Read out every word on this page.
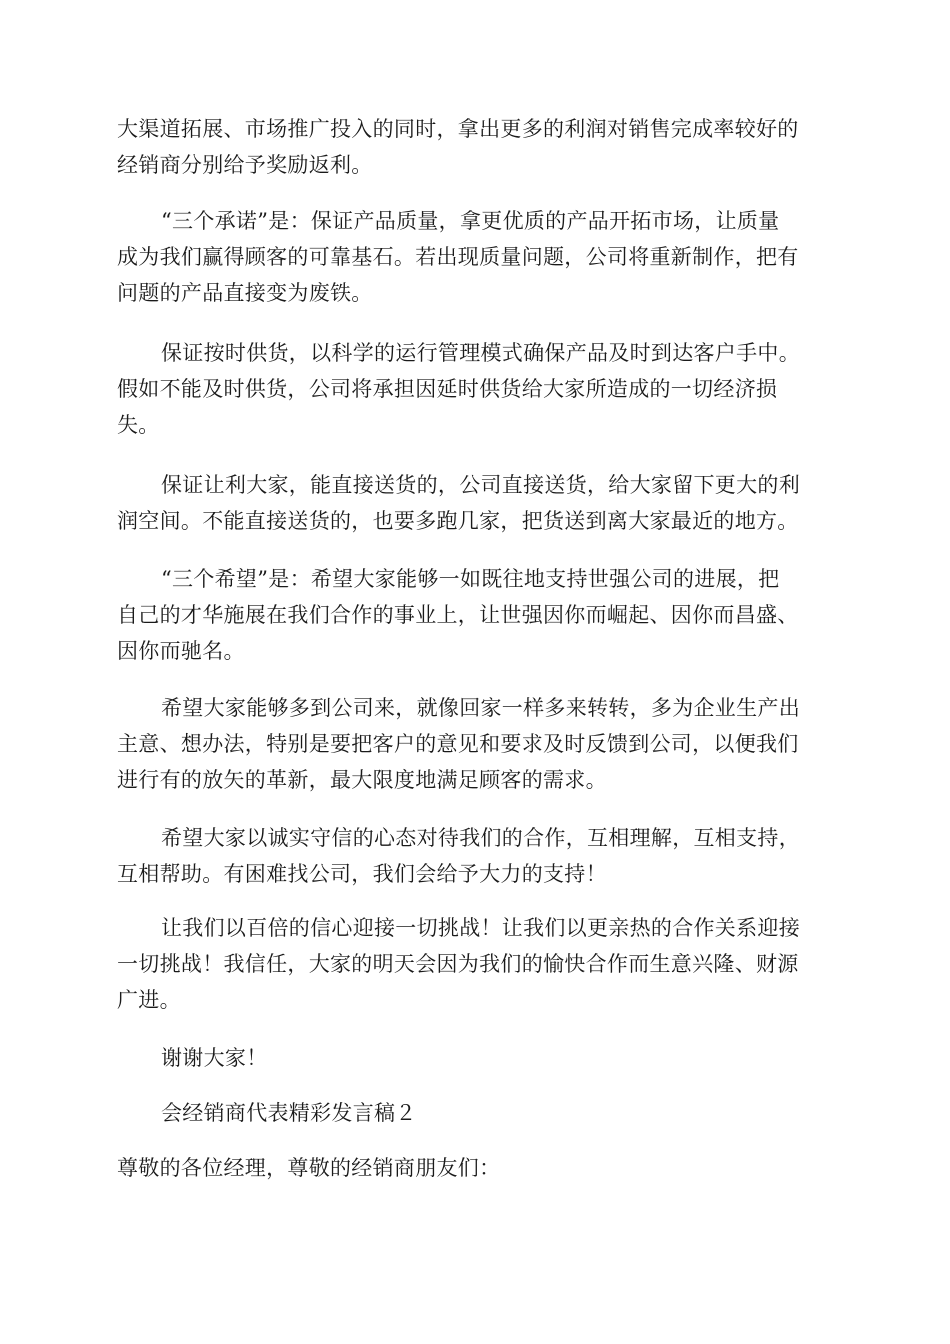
大渠道拓展、市场推广投入的同时，拿出更多的利润对销售完成率较好的
经销商分别给予奖励返利。
“三个承诺”是：保证产品质量，拿更优质的产品开拓市场，让质量
成为我们赢得顾客的可靠基石。若出现质量问题，公司将重新制作，把有
问题的产品直接变为废铁。
保证按时供货，以科学的运行管理模式确保产品及时到达客户手中。
假如不能及时供货，公司将承担因延时供货给大家所造成的一切经济损
失。
保证让利大家，能直接送货的，公司直接送货，给大家留下更大的利
润空间。不能直接送货的，也要多跑几家，把货送到离大家最近的地方。
“三个希望”是：希望大家能够一如既往地支持世强公司的进展，把
自己的才华施展在我们合作的事业上，让世强因你而崛起、因你而昌盛、
因你而驰名。
希望大家能够多到公司来，就像回家一样多来转转，多为企业生产出
主意、想办法，特别是要把客户的意见和要求及时反馈到公司，以便我们
进行有的放矢的革新，最大限度地满足顾客的需求。
希望大家以诚实守信的心态对待我们的合作，互相理解，互相支持，
互相帮助。有困难找公司，我们会给予大力的支持！
让我们以百倍的信心迎接一切挑战！让我们以更亲热的合作关系迎接
一切挑战！我信任，大家的明天会因为我们的愉快合作而生意兴隆、财源
广进。
谢谢大家！
会经销商代表精彩发言稿２
尊敬的各位经理，尊敬的经销商朋友们：
